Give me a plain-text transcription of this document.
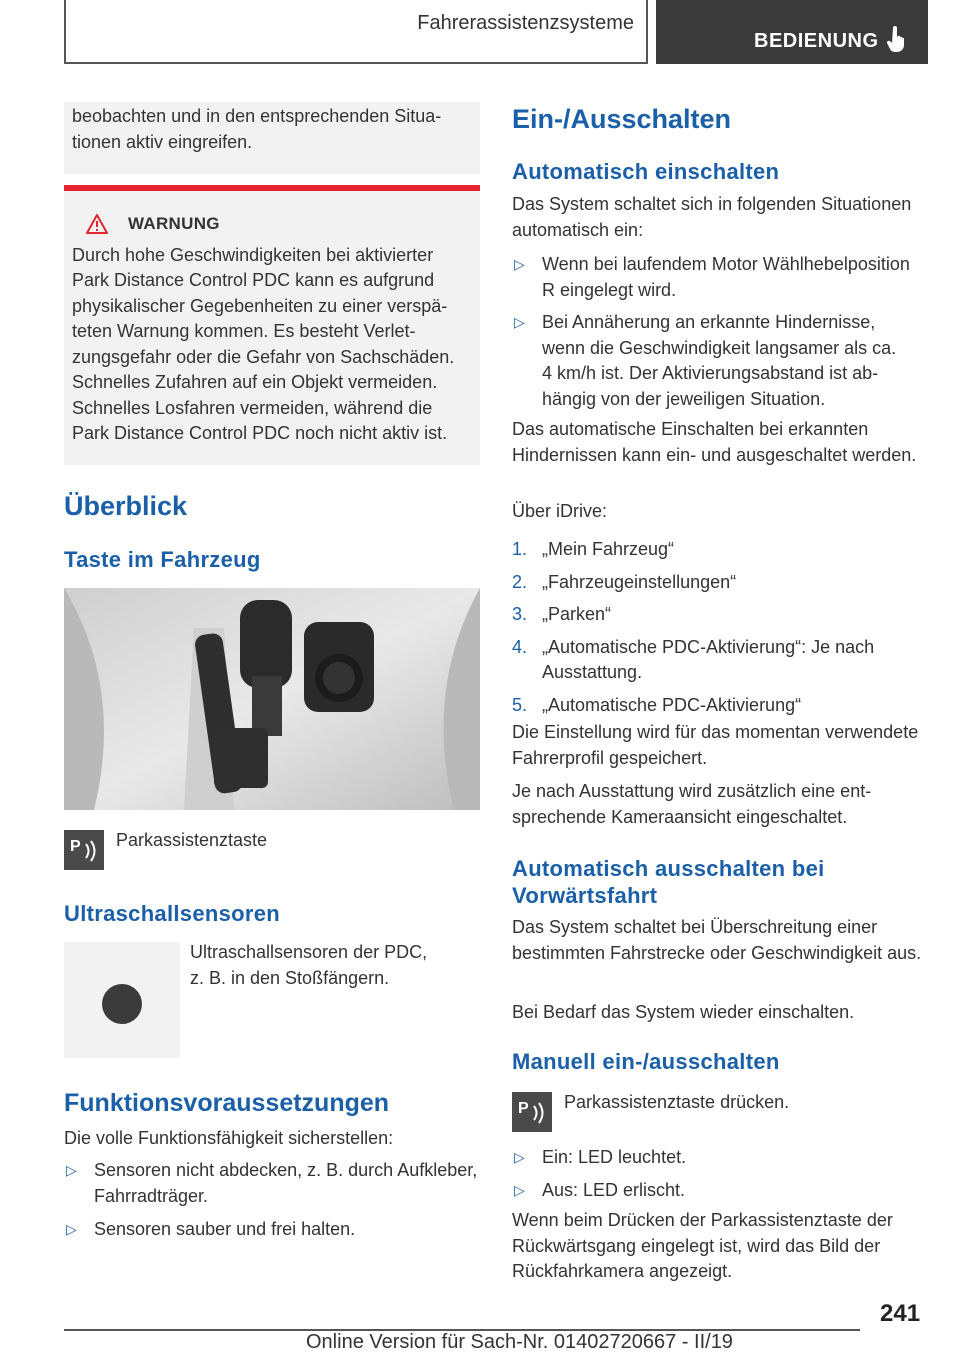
Fahrerassistenzsysteme
BEDIENUNG

beobachten und in den entsprechenden Situationen aktiv eingreifen.

WARNUNG

Durch hohe Geschwindigkeiten bei aktivierter Park Distance Control PDC kann es aufgrund physikalischer Gegebenheiten zu einer verspäteten Warnung kommen. Es besteht Verletzungsgefahr oder die Gefahr von Sachschäden. Schnelles Zufahren auf ein Objekt vermeiden. Schnelles Losfahren vermeiden, während die Park Distance Control PDC noch nicht aktiv ist.

Überblick
Taste im Fahrzeug
P Parkassistenztaste

Ultraschallsensoren

Ultraschallsensoren der PDC, z. B. in den Stoßfängern.

Funktionsvoraussetzungen

Die volle Funktionsfähigkeit sicherstellen:

▷ Sensoren nicht abdecken, z. B. durch Aufkleber, Fahrradträger.
▷ Sensoren sauber und frei halten.
Ein-/Ausschalten
Automatisch einschalten

Das System schaltet sich in folgenden Situationen automatisch ein:

▷ Wenn bei laufendem Motor Wählhebelposition R eingelegt wird.
▷ Bei Annäherung an erkannte Hindernisse, wenn die Geschwindigkeit langsamer als ca. 4 km/h ist. Der Aktivierungsabstand ist abhängig von der jeweiligen Situation.

Das automatische Einschalten bei erkannten Hindernissen kann ein- und ausgeschaltet werden.

Über iDrive:

1. „Mein Fahrzeug“
2. „Fahrzeugeinstellungen“
3. „Parken“
4. „Automatische PDC-Aktivierung“: Je nach Ausstattung.
5. „Automatische PDC-Aktivierung“

Die Einstellung wird für das momentan verwendete Fahrerprofil gespeichert.

Je nach Ausstattung wird zusätzlich eine entsprechende Kameraansicht eingeschaltet.

Automatisch ausschalten bei Vorwärtsfahrt

Das System schaltet bei Überschreitung einer bestimmten Fahrstrecke oder Geschwindigkeit aus.

Bei Bedarf das System wieder einschalten.

Manuell ein-/ausschalten
P Parkassistenztaste drücken.

▷ Ein: LED leuchtet.
▷ Aus: LED erlischt.

Wenn beim Drücken der Parkassistenztaste der Rückwärtsgang eingelegt ist, wird das Bild der Rückfahrkamera angezeigt.

241
Online Version für Sach-Nr. 01402720667 - II/19
